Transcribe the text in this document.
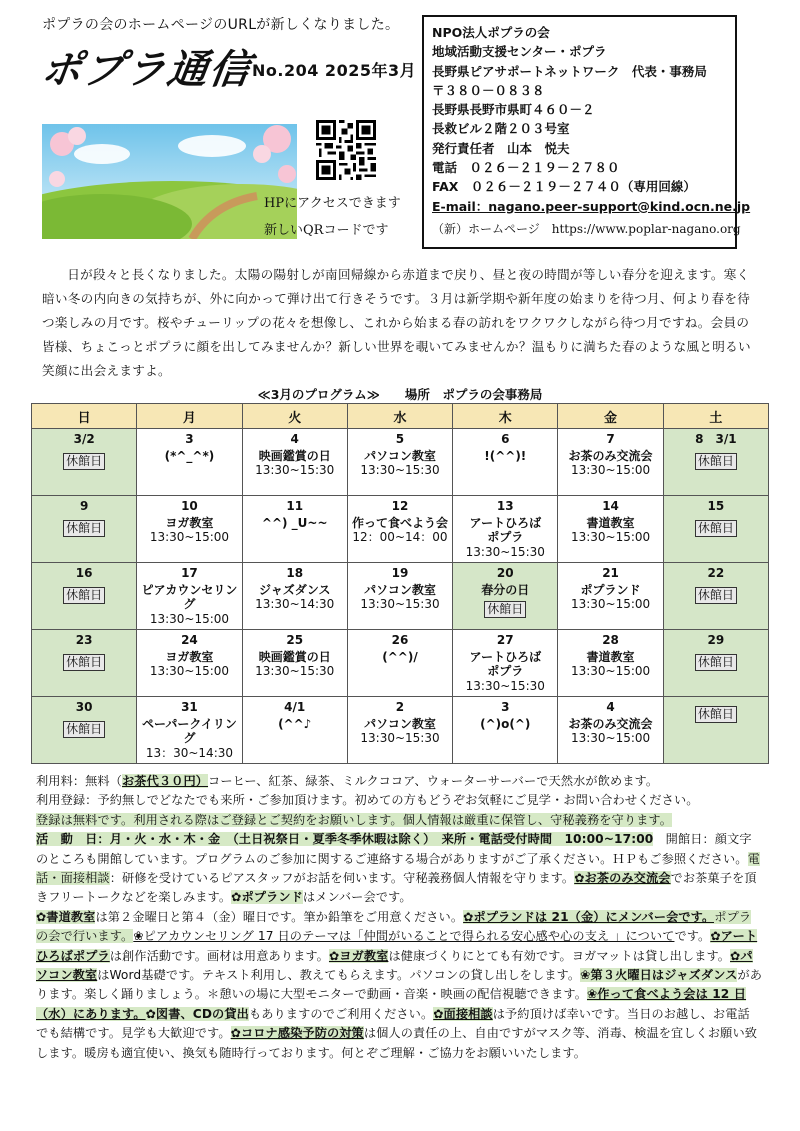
ポプラの会のホームページのURLが新しくなりました。
ポプラ通信
No.204 2025年3月
HPにアクセスできます
新しいQRコードです
NPO法人ポプラの会
地域活動支援センター・ポプラ
長野県ピアサポートネットワーク　代表・事務局
〒３８０－０８３８
長野県長野市県町４６０－２
長救ビル２階２０３号室
発行責任者　山本　悦夫
電話　０２６－２１９－２７８０
FAX　０２６－２１９－２７４０（専用回線）
E-mail：nagano.peer-support@kind.ocn.ne.jp
（新）ホームページ　https://www.poplar-nagano.org
日が段々と長くなりました。太陽の陽射しが南回帰線から赤道まで戻り、昼と夜の時間が等しい春分を迎えます。寒く暗い冬の内向きの気持ちが、外に向かって弾け出て行きそうです。３月は新学期や新年度の始まりを待つ月、何より春を待つ楽しみの月です。桜やチューリップの花々を想像し、これから始まる春の訪れをワクワクしながら待つ月ですね。会員の皆様、ちょこっとポプラに顔を出してみませんか？新しい世界を覗いてみませんか？温もりに満ちた春のような風と明るい笑顔に出会えますよ。
≪3月のプログラム≫　　場所　ポプラの会事務局
日	月	火	水	木	金	土

3/2
休館日	3
(*^_^*)	4
映画鑑賞の日
13:30~15:30	5
パソコン教室
13:30~15:30	6
!(^^)!	7
お茶のみ交流会
13:30~15:00	8　3/1
休館日

9
休館日	10
ヨガ教室
13:30~15:00	11
^^) _U~~	12
作って食べよう会
12：00~14：00	13
アートひろば
ポプラ
13:30~15:30	14
書道教室
13:30~15:00	15
休館日

16
休館日	17
ピアカウンセリング
13:30~15:00	18
ジャズダンス
13:30~14:30	19
パソコン教室
13:30~15:30	20
春分の日
休館日	21
ポプランド
13:30~15:00	22
休館日

23
休館日	24
ヨガ教室
13:30~15:00	25
映画鑑賞の日
13:30~15:30	26
(^^)/	27
アートひろば
ポプラ
13:30~15:30	28
書道教室
13:30~15:00	29
休館日

30
休館日	31
ペーパークイリング
13：30~14:30	4/1
(^^♪	2
パソコン教室
13:30~15:30	3
(^)o(^)	4
お茶のみ交流会
13:30~15:00	休館日
利用料：無料（お茶代３０円）コーヒー、紅茶、緑茶、ミルクココア、ウォーターサーバーで天然水が飲めます。
利用登録：予約無しでどなたでも来所・ご参加頂けます。初めての方もどうぞお気軽にご見学・お問い合わせください。
登録は無料です。利用される際はご登録とご契約をお願いします。個人情報は厳重に保管し、守秘義務を守ります。
活　動　日：月・火・水・木・金　（土日祝祭日・夏季冬季休暇は除く）　来所・電話受付時間　10:00~17:00　 開館日：顔文字のところも開館しています。プログラムのご参加に関するご連絡する場合がありますがご了承ください。ＨＰもご参照ください。電話・面接相談：研修を受けているピアスタッフがお話を伺います。守秘義務個人情報を守ります。✿お茶のみ交流会でお茶菓子を頂きフリートークなどを楽しみます。✿ポプランドはメンバー会です。
✿書道教室は第２金曜日と第４（金）曜日です。筆か鉛筆をご用意ください。✿ポプランドは 21（金）にメンバー会です。ポプラの会で行います。❀ピアカウンセリング 17 日のテーマは「仲間がいることで得られる安心感や心の支え 」についてです。✿アートひろばポプラは創作活動です。画材は用意あります。✿ヨガ教室は健康づくりにとても有効です。ヨガマットは貸し出します。✿パソコン教室はWord基礎です。テキスト利用し、教えてもらえます。パソコンの貸し出しをします。❀第３火曜日はジャズダンスがあります。楽しく踊りましょう。＊憩いの場に大型モニターで動画・音楽・映画の配信視聴できます。❀作って食べよう会は 12 日（水）にあります。✿図書、CDの貸出もありますのでご利用ください。✿面接相談は予約頂けば幸いです。当日のお越し、お電話でも結構です。見学も大歓迎です。✿コロナ感染予防の対策は個人の責任の上、自由ですがマスク等、消毒、検温を宜しくお願い致します。暖房も適宜使い、換気も随時行っております。何とぞご理解・ご協力をお願いいたします。
